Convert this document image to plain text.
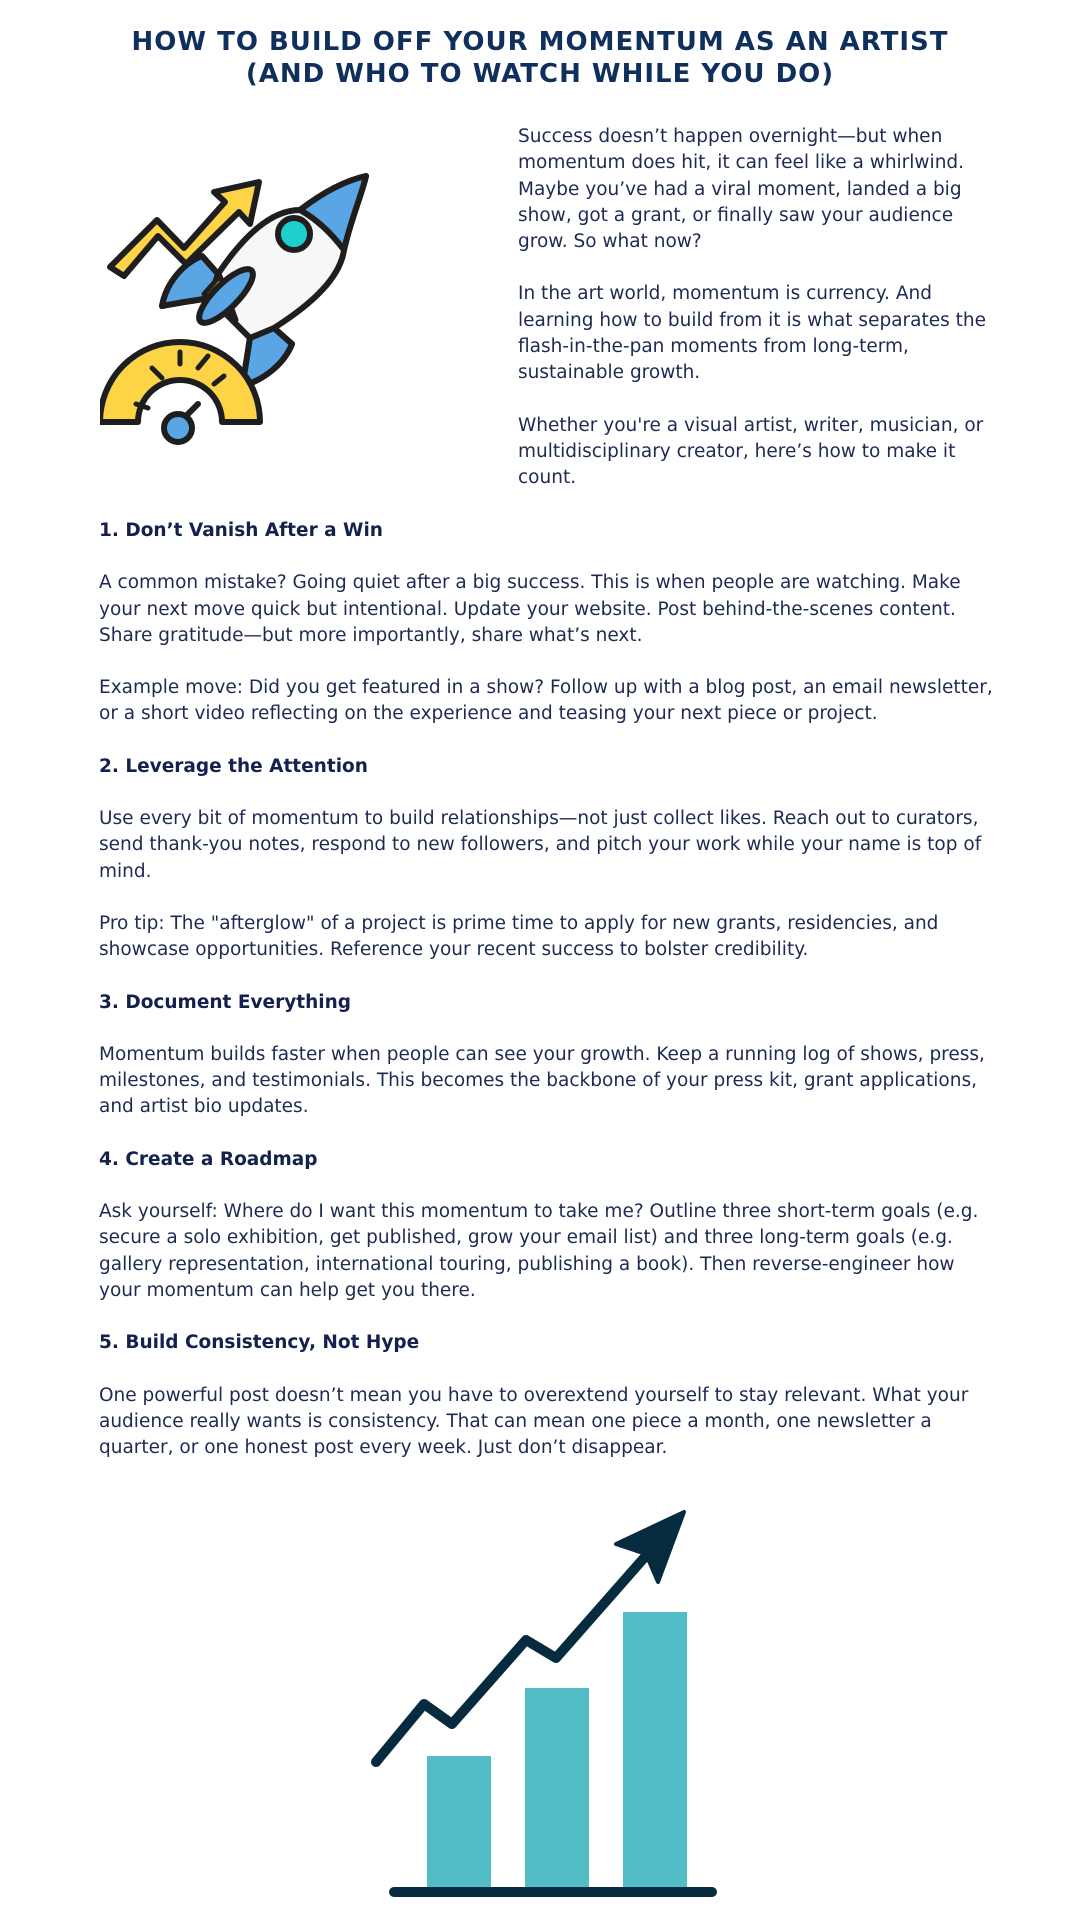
HOW TO BUILD OFF YOUR MOMENTUM AS AN ARTIST
(AND WHO TO WATCH WHILE YOU DO)

Success doesn’t happen overnight—but when momentum does hit, it can feel like a whirlwind. Maybe you’ve had a viral moment, landed a big show, got a grant, or finally saw your audience grow. So what now?

In the art world, momentum is currency. And learning how to build from it is what separates the flash-in-the-pan moments from long-term, sustainable growth.

Whether you're a visual artist, writer, musician, or multidisciplinary creator, here’s how to make it count.

1. Don’t Vanish After a Win

A common mistake? Going quiet after a big success. This is when people are watching. Make your next move quick but intentional. Update your website. Post behind-the-scenes content. Share gratitude—but more importantly, share what’s next.

Example move: Did you get featured in a show? Follow up with a blog post, an email newsletter, or a short video reflecting on the experience and teasing your next piece or project.

2. Leverage the Attention

Use every bit of momentum to build relationships—not just collect likes. Reach out to curators, send thank-you notes, respond to new followers, and pitch your work while your name is top of mind.

Pro tip: The "afterglow" of a project is prime time to apply for new grants, residencies, and showcase opportunities. Reference your recent success to bolster credibility.

3. Document Everything

Momentum builds faster when people can see your growth. Keep a running log of shows, press, milestones, and testimonials. This becomes the backbone of your press kit, grant applications, and artist bio updates.

4. Create a Roadmap

Ask yourself: Where do I want this momentum to take me? Outline three short-term goals (e.g. secure a solo exhibition, get published, grow your email list) and three long-term goals (e.g. gallery representation, international touring, publishing a book). Then reverse-engineer how your momentum can help get you there.

5. Build Consistency, Not Hype

One powerful post doesn’t mean you have to overextend yourself to stay relevant. What your audience really wants is consistency. That can mean one piece a month, one newsletter a quarter, or one honest post every week. Just don’t disappear.
